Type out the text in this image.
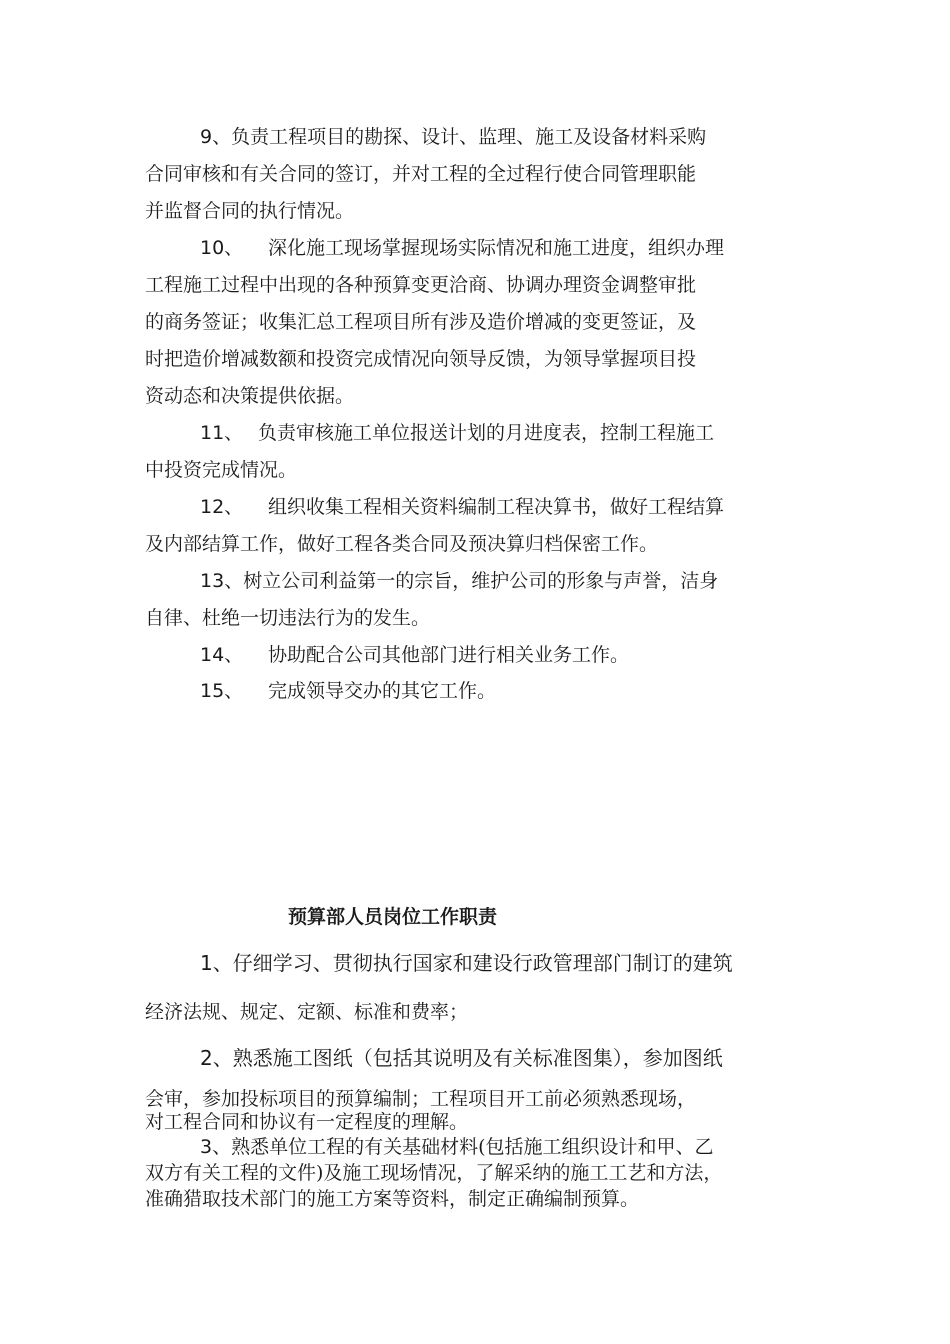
9、负责工程项目的勘探、设计、监理、施工及设备材料采购
合同审核和有关合同的签订，并对工程的全过程行使合同管理职能
并监督合同的执行情况。
10、 深化施工现场掌握现场实际情况和施工进度，组织办理
工程施工过程中出现的各种预算变更洽商、协调办理资金调整审批
的商务签证；收集汇总工程项目所有涉及造价增减的变更签证，及
时把造价增减数额和投资完成情况向领导反馈，为领导掌握项目投
资动态和决策提供依据。
11、 负责审核施工单位报送计划的月进度表，控制工程施工
中投资完成情况。
12、 组织收集工程相关资料编制工程决算书，做好工程结算
及内部结算工作，做好工程各类合同及预决算归档保密工作。
13、树立公司利益第一的宗旨，维护公司的形象与声誉，洁身
自律、杜绝一切违法行为的发生。
14、 协助配合公司其他部门进行相关业务工作。
15、 完成领导交办的其它工作。
预算部人员岗位工作职责
1、仔细学习、贯彻执行国家和建设行政管理部门制订的建筑
经济法规、规定、定额、标准和费率；
2、熟悉施工图纸（包括其说明及有关标准图集），参加图纸
会审，参加投标项目的预算编制；工程项目开工前必须熟悉现场，
对工程合同和协议有一定程度的理解。
3、熟悉单位工程的有关基础材料(包括施工组织设计和甲、乙
双方有关工程的文件)及施工现场情况，了解采纳的施工工艺和方法，
准确猎取技术部门的施工方案等资料，制定正确编制预算。
